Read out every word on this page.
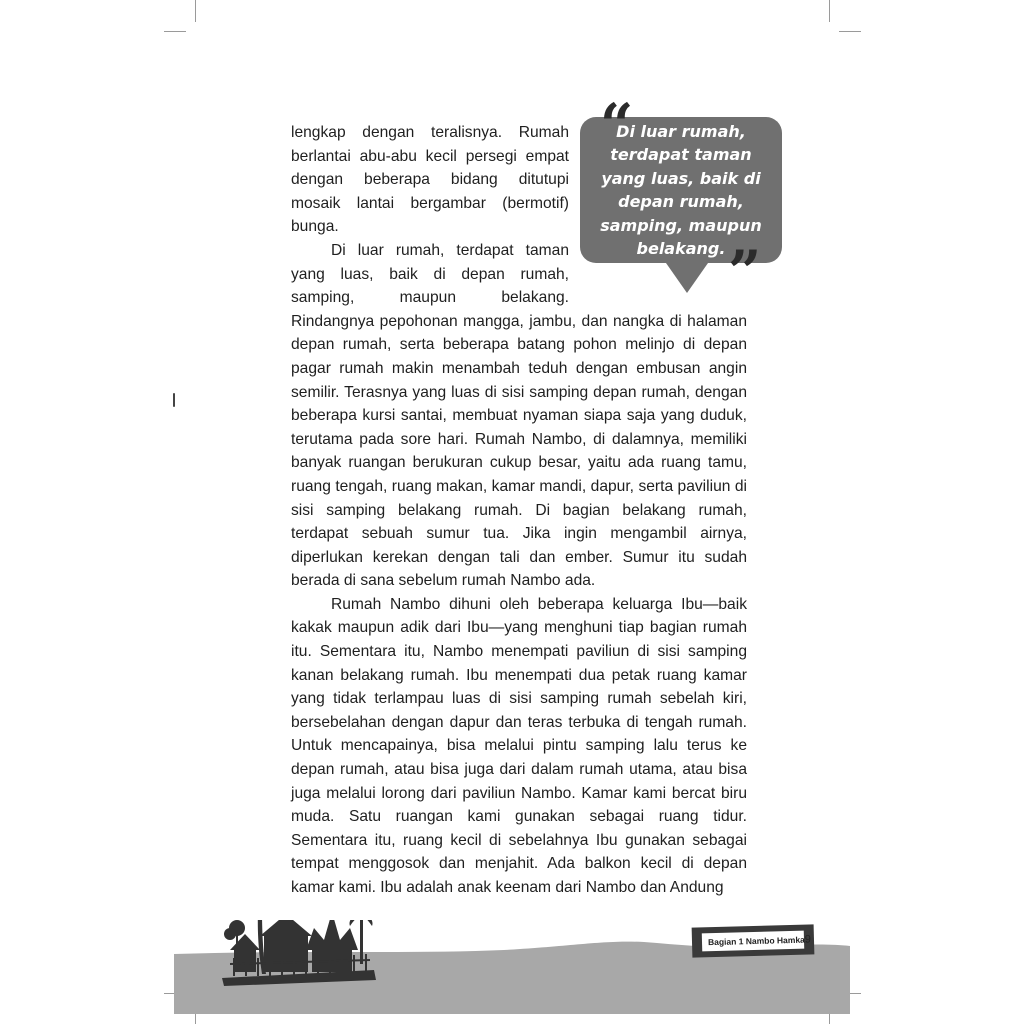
lengkap dengan teralisnya. Rumah berlantai abu-abu kecil persegi empat dengan beberapa bidang ditutupi mosaik lantai bergambar (bermotif) bunga.

Di luar rumah, terdapat taman yang luas, baik di depan rumah, samping, maupun belakang. Rindangnya pepohonan mangga, jambu, dan nangka di halaman depan rumah, serta beberapa batang pohon melinjo di depan pagar rumah makin menambah teduh dengan embusan angin semilir. Terasnya yang luas di sisi samping depan rumah, dengan beberapa kursi santai, membuat nyaman siapa saja yang duduk, terutama pada sore hari. Rumah Nambo, di dalamnya, memiliki banyak ruangan berukuran cukup besar, yaitu ada ruang tamu, ruang tengah, ruang makan, kamar mandi, dapur, serta paviliun di sisi samping belakang rumah. Di bagian belakang rumah, terdapat sebuah sumur tua. Jika ingin mengambil airnya, diperlukan kerekan dengan tali dan ember. Sumur itu sudah berada di sana sebelum rumah Nambo ada.

Rumah Nambo dihuni oleh beberapa keluarga Ibu—baik kakak maupun adik dari Ibu—yang menghuni tiap bagian rumah itu. Sementara itu, Nambo menempati paviliun di sisi samping kanan belakang rumah. Ibu menempati dua petak ruang kamar yang tidak terlampau luas di sisi samping rumah sebelah kiri, bersebelahan dengan dapur dan teras terbuka di tengah rumah. Untuk mencapainya, bisa melalui pintu samping lalu terus ke depan rumah, atau bisa juga dari dalam rumah utama, atau bisa juga melalui lorong dari paviliun Nambo. Kamar kami bercat biru muda. Satu ruangan kami gunakan sebagai ruang tidur. Sementara itu, ruang kecil di sebelahnya Ibu gunakan sebagai tempat menggosok dan menjahit. Ada balkon kecil di depan kamar kami. Ibu adalah anak keenam dari Nambo dan Andung

Di luar rumah, terdapat taman yang luas, baik di depan rumah, samping, maupun belakang.
“
”
Bagian 1 Nambo Hamka 9
